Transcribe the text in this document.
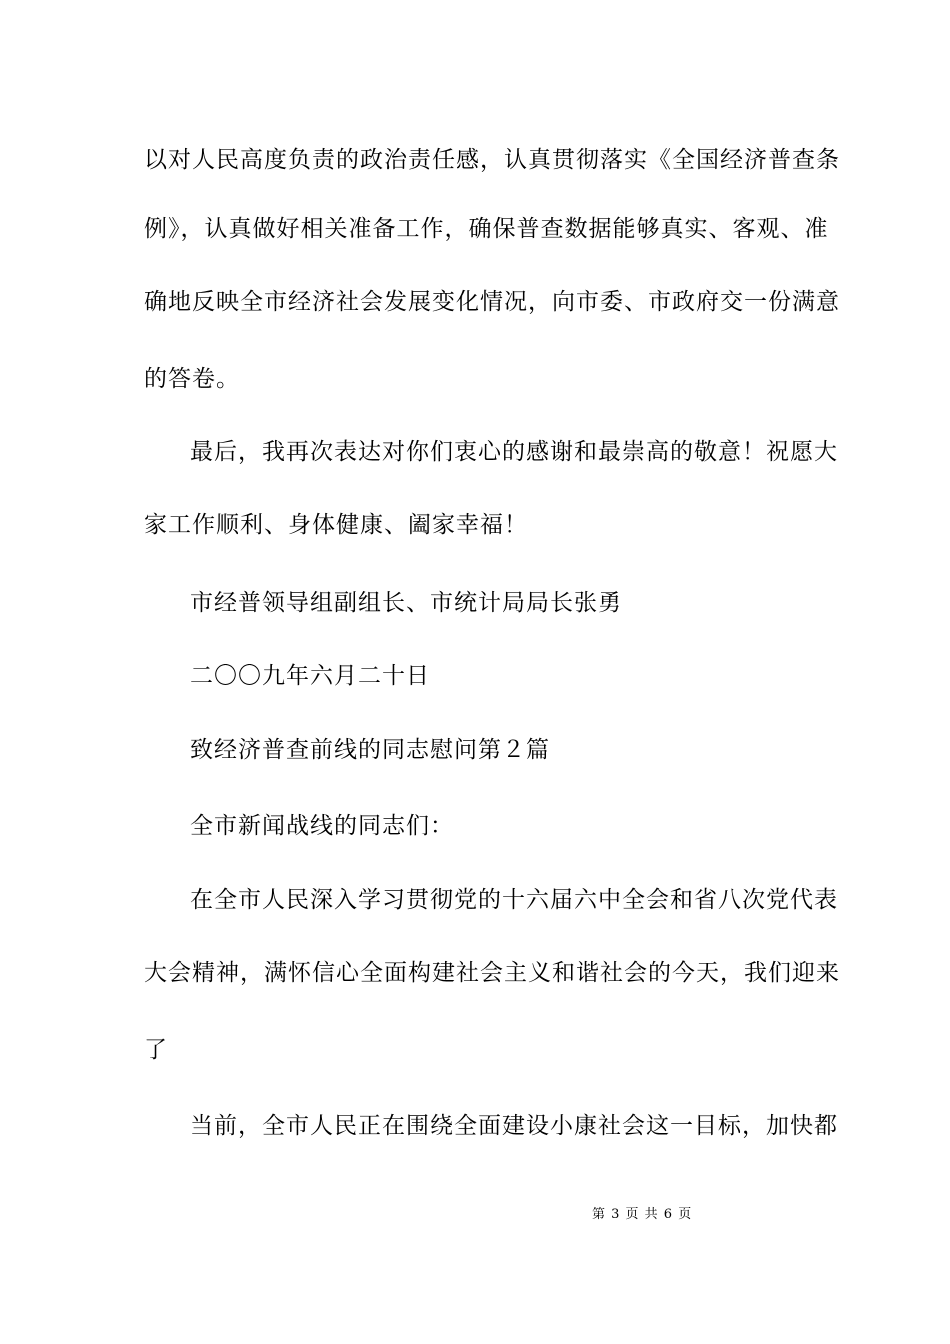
以对人民高度负责的政治责任感，认真贯彻落实《全国经济普查条
例》，认真做好相关准备工作，确保普查数据能够真实、客观、准
确地反映全市经济社会发展变化情况，向市委、市政府交一份满意
的答卷。
最后，我再次表达对你们衷心的感谢和最崇高的敬意！祝愿大
家工作顺利、身体健康、阖家幸福！
市经普领导组副组长、市统计局局长张勇
二〇〇九年六月二十日
致经济普查前线的同志慰问第２篇
全市新闻战线的同志们：
在全市人民深入学习贯彻党的十六届六中全会和省八次党代表
大会精神，满怀信心全面构建社会主义和谐社会的今天，我们迎来
了
当前，全市人民正在围绕全面建设小康社会这一目标，加快都
第 3 页 共 6 页
